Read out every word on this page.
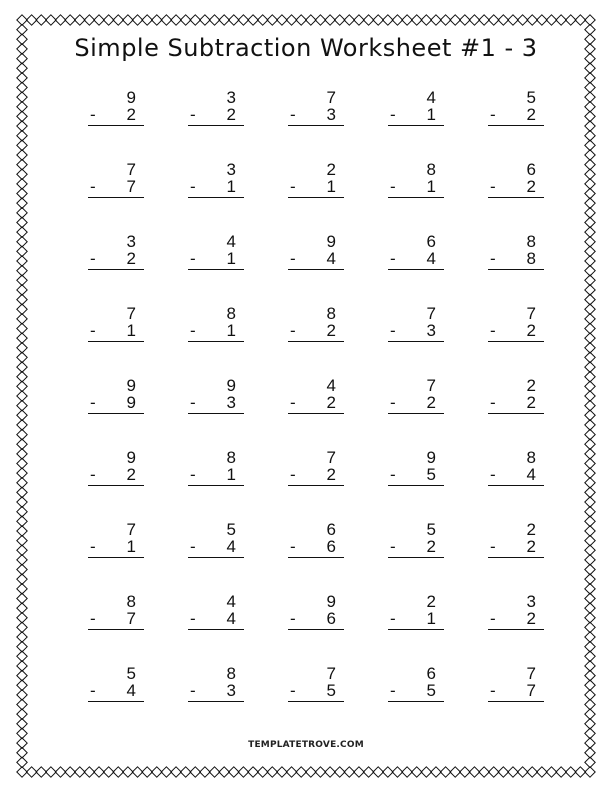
Simple Subtraction Worksheet #1 - 3
9
- 2
3
- 2
7
- 3
4
- 1
5
- 2
7
- 7
3
- 1
2
- 1
8
- 1
6
- 2
3
- 2
4
- 1
9
- 4
6
- 4
8
- 8
7
- 1
8
- 1
8
- 2
7
- 3
7
- 2
9
- 9
9
- 3
4
- 2
7
- 2
2
- 2
9
- 2
8
- 1
7
- 2
9
- 5
8
- 4
7
- 1
5
- 4
6
- 6
5
- 2
2
- 2
8
- 7
4
- 4
9
- 6
2
- 1
3
- 2
5
- 4
8
- 3
7
- 5
6
- 5
7
- 7
TEMPLATETROVE.COM
